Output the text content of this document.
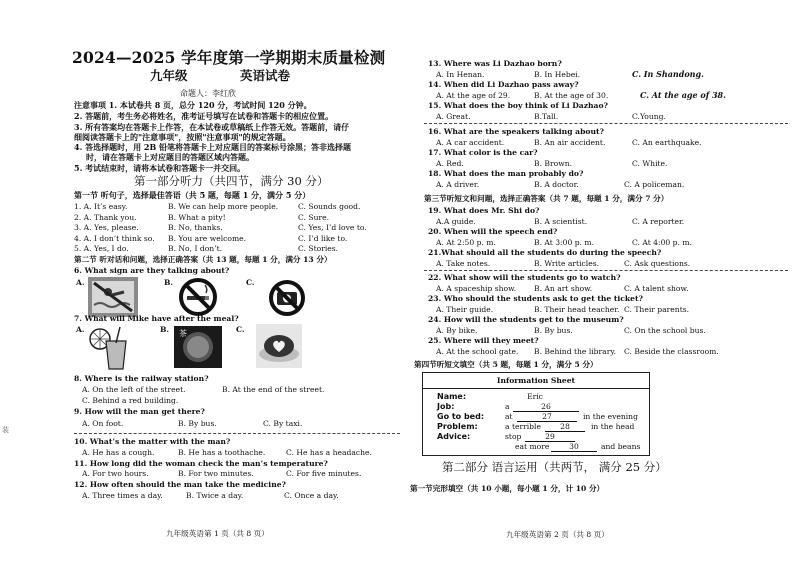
2024—2025 学年度第一学期期末质量检测
九年级	英语试卷
命题人：李红欣
注意事项 1. 本试卷共 8 页，总分 120 分，考试时间 120 分钟。
2. 答题前，考生务必将姓名，准考证号填写在试卷和答题卡的相应位置。
3. 所有答案均在答题卡上作答，在本试卷或草稿纸上作答无效。答题前，请仔
细阅读答题卡上的"注意事项"，按照"注意事项"的规定答题。
4. 答选择题时，用 2B 铅笔将答题卡上对应题目的答案标号涂黑；答非选择题
时，请在答题卡上对应题目的答题区域内答题。
5. 考试结束时，请将本试卷和答题卡一并交回。
第一部分听力（共四节，满分 30 分）
第一节 听句子，选择最佳答语（共 5 题，每题 1 分，满分 5 分）
1. A. It’s easy.	B. We can help more people.	C. Sounds good.
2. A. Thank you.	B. What a pity!	C. Sure.
3. A. Yes, please.	B. No, thanks.	C. Yes, I’d love to.
4. A. I don’t think so. B. You are welcome.	C. I’d like to.
5. A. Yes, I do.	B. No, I don’t.	C. Stories.
第二节 听对话和问题，选择正确答案（共 13 题，每题 1 分，满分 13 分）
6. What sign are they talking about?
A.	B.	C.
7. What will Mike have after the meal?
A.	B. 茶	C.
8. Where is the railway station?
A. On the left of the street.	B. At the end of the street.
C. Behind a red building.
9. How will the man get there?
A. On foot.	B. By bus.	C. By taxi.
10. What’s the matter with the man?
A. He has a cough.	B. He has a toothache.	C. He has a headache.
11. How long did the woman check the man’s temperature?
A. For two hours.	B. For two minutes.	C. For five minutes.
12. How often should the man take the medicine?
A. Three times a day.	B. Twice a day.	C. Once a day.
九年级英语第 1 页（共 8 页）
装
13. Where was Li Dazhao born?
A. In Henan.	B. In Hebei.	C. In Shandong.
14. When did Li Dazhao pass away?
A. At the age of 29.	B. At the age of 30.	C. At the age of 38.
15. What does the boy think of Li Dazhao?
A. Great.	B.Tall.	C.Young.
16. What are the speakers talking about?
A. A car accident.	B. An air accident.	C. An earthquake.
17. What color is the car?
A. Red.	B. Brown.	C. White.
18. What does the man probably do?
A. A driver.	B. A doctor.	C. A policeman.
第三节听短文和问题，选择正确答案（共 7 题，每题 1 分，满分 7 分）
19. What does Mr. Shi do?
A.A guide.	B. A scientist.	C. A reporter.
20. When will the speech end?
A. At 2:50 p. m.	B. At 3:00 p. m.	C. At 4:00 p. m.
21.What should all the students do during the speech?
A. Take notes.	B. Write articles.	C. Ask questions.
22. What show will the students go to watch?
A. A spaceship show. B. An art show.	C. A talent show.
23. Who should the students ask to get the ticket?
A. Their guide.	B. Their head teacher. C. Their parents.
24. How will the students get to the museum?
A. By bike.	B. By bus.	C. On the school bus.
25. Where will they meet?
A. At the school gate. B. Behind the library. C. Beside the classroom.
第四节听短文填空（共 5 题，每题 1 分，满分 5 分）
Information Sheet
Name:	Eric
Job:	a	26
Go to bed:	at	27	in the evening
Problem:	a terrible	28	in the head
Advice:	stop	29
eat more	30	and beans
第二部分 语言运用（共两节， 满分 25 分）
第一节完形填空（共 10 小题，每小题 1 分，计 10 分）
九年级英语第 2 页（共 8 页）
